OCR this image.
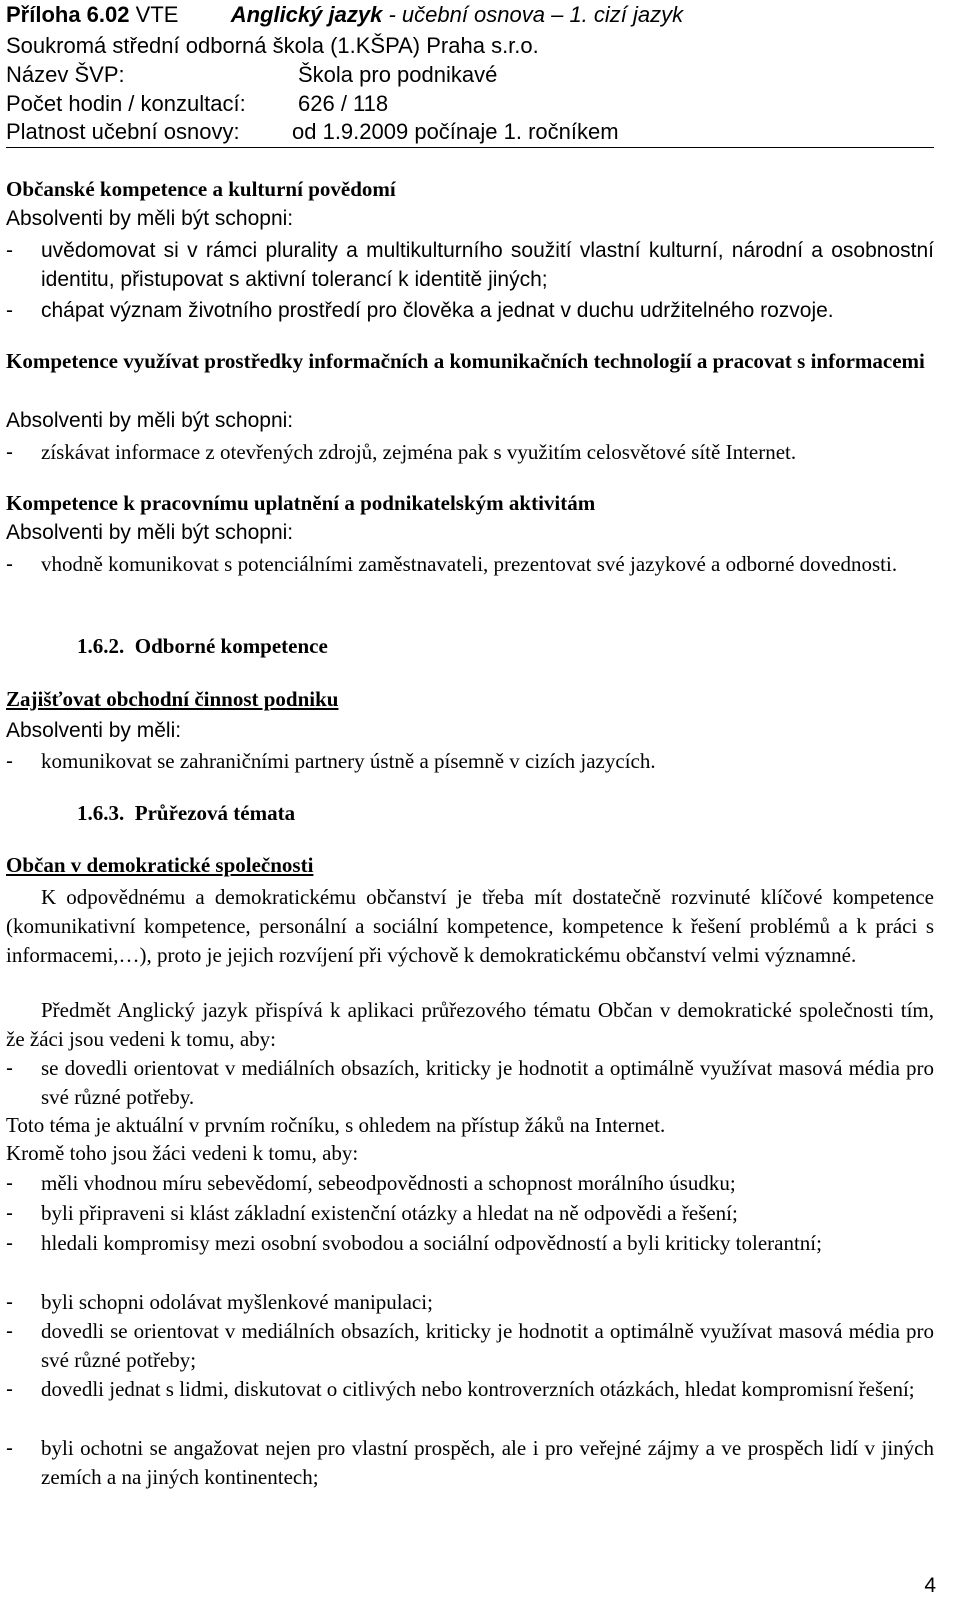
Příloha 6.02 VTE Anglický jazyk - učební osnova – 1. cizí jazyk
Soukromá střední odborná škola (1.KŠPA) Praha s.r.o.
Název ŠVP:	Škola pro podnikavé
Počet hodin / konzultací: 626 / 118
Platnost učební osnovy: od 1.9.2009 počínaje 1. ročníkem
Občanské kompetence a kulturní povědomí
Absolventi by měli být schopni:
-	uvědomovat si v rámci plurality a multikulturního soužití vlastní kulturní, národní a osobnostní identitu, přistupovat s aktivní tolerancí k identitě jiných;
-	chápat význam životního prostředí pro člověka a jednat v duchu udržitelného rozvoje.
Kompetence využívat prostředky informačních a komunikačních technologií a pracovat s informacemi
Absolventi by měli být schopni:
-	získávat informace z otevřených zdrojů, zejména pak s využitím celosvětové sítě Internet.
Kompetence k pracovnímu uplatnění a podnikatelským aktivitám
Absolventi by měli být schopni:
-	vhodně komunikovat s potenciálními zaměstnavateli, prezentovat své jazykové a odborné dovednosti.
1.6.2. Odborné kompetence
Zajišťovat obchodní činnost podniku
Absolventi by měli:
-	komunikovat se zahraničními partnery ústně a písemně v cizích jazycích.
1.6.3. Průřezová témata
Občan v demokratické společnosti
K odpovědnému a demokratickému občanství je třeba mít dostatečně rozvinuté klíčové kompetence (komunikativní kompetence, personální a sociální kompetence, kompetence k řešení problémů a k práci s informacemi,…), proto je jejich rozvíjení při výchově k demokratickému občanství velmi významné.
Předmět Anglický jazyk přispívá k aplikaci průřezového tématu Občan v demokratické společnosti tím, že žáci jsou vedeni k tomu, aby:
-	se dovedli orientovat v mediálních obsazích, kriticky je hodnotit a optimálně využívat masová média pro své různé potřeby.
Toto téma je aktuální v prvním ročníku, s ohledem na přístup žáků na Internet.
Kromě toho jsou žáci vedeni k tomu, aby:
-	měli vhodnou míru sebevědomí, sebeodpovědnosti a schopnost morálního úsudku;
-	byli připraveni si klást základní existenční otázky a hledat na ně odpovědi a řešení;
-	hledali kompromisy mezi osobní svobodou a sociální odpovědností a byli kriticky tolerantní;
-	byli schopni odolávat myšlenkové manipulaci;
-	dovedli se orientovat v mediálních obsazích, kriticky je hodnotit a optimálně využívat masová média pro své různé potřeby;
-	dovedli jednat s lidmi, diskutovat o citlivých nebo kontroverzních otázkách, hledat kompromisní řešení;
-	byli ochotni se angažovat nejen pro vlastní prospěch, ale i pro veřejné zájmy a ve prospěch lidí v jiných zemích a na jiných kontinentech;
4
